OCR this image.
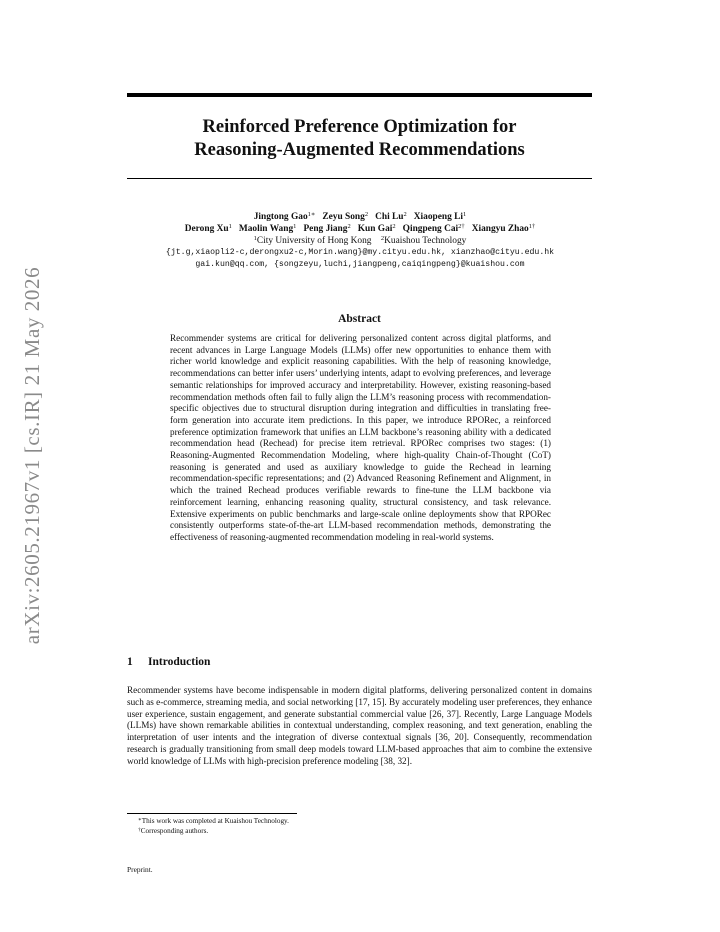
arXiv:2605.21967v1 [cs.IR] 21 May 2026
Reinforced Preference Optimization for
Reasoning-Augmented Recommendations
Jingtong Gao$^{1∗}$ Zeyu Song$^2$ Chi Lu$^2$ Xiaopeng Li$^1$
Derong Xu$^1$ Maolin Wang$^1$ Peng Jiang$^2$ Kun Gai$^2$ Qingpeng Cai$^{2\dagger}$ Xiangyu Zhao$^{1\dagger}$
$^1$City University of Hong Kong $^2$Kuaishou Technology
{jt.g,xiaopli2-c,derongxu2-c,Morin.wang}@my.cityu.edu.hk, xianzhao@cityu.edu.hk
gai.kun@qq.com, {songzeyu,luchi,jiangpeng,caiqingpeng}@kuaishou.com
Abstract

Recommender systems are critical for delivering personalized content across digital platforms, and recent advances in Large Language Models (LLMs) offer new opportunities to enhance them with richer world knowledge and explicit reasoning capabilities. With the help of reasoning knowledge, recommendations can better infer users’ underlying intents, adapt to evolving preferences, and leverage semantic relationships for improved accuracy and interpretability. However, existing reasoning-based recommendation methods often fail to fully align the LLM’s reasoning process with recommendation-specific objectives due to structural disruption during integration and difficulties in translating free-form generation into accurate item predictions. In this paper, we introduce RPORec, a reinforced preference optimization framework that unifies an LLM backbone’s reasoning ability with a dedicated recommendation head (Rechead) for precise item retrieval. RPORec comprises two stages: (1) Reasoning-Augmented Recommendation Modeling, where high-quality Chain-of-Thought (CoT) reasoning is generated and used as auxiliary knowledge to guide the Rechead in learning recommendation-specific representations; and (2) Advanced Reasoning Refinement and Alignment, in which the trained Rechead produces verifiable rewards to fine-tune the LLM backbone via reinforcement learning, enhancing reasoning quality, structural consistency, and task relevance. Extensive experiments on public benchmarks and large-scale online deployments show that RPORec consistently outperforms state-of-the-art LLM-based recommendation methods, demonstrating the effectiveness of reasoning-augmented recommendation modeling in real-world systems.

1 Introduction

Recommender systems have become indispensable in modern digital platforms, delivering personalized content in domains such as e-commerce, streaming media, and social networking [17, 15]. By accurately modeling user preferences, they enhance user experience, sustain engagement, and generate substantial commercial value [26, 37]. Recently, Large Language Models (LLMs) have shown remarkable abilities in contextual understanding, complex reasoning, and text generation, enabling the interpretation of user intents and the integration of diverse contextual signals [36, 20]. Consequently, recommendation research is gradually transitioning from small deep models toward LLM-based approaches that aim to combine the extensive world knowledge of LLMs with high-precision preference modeling [38, 32].

∗This work was completed at Kuaishou Technology.
†Corresponding authors.
Preprint.
